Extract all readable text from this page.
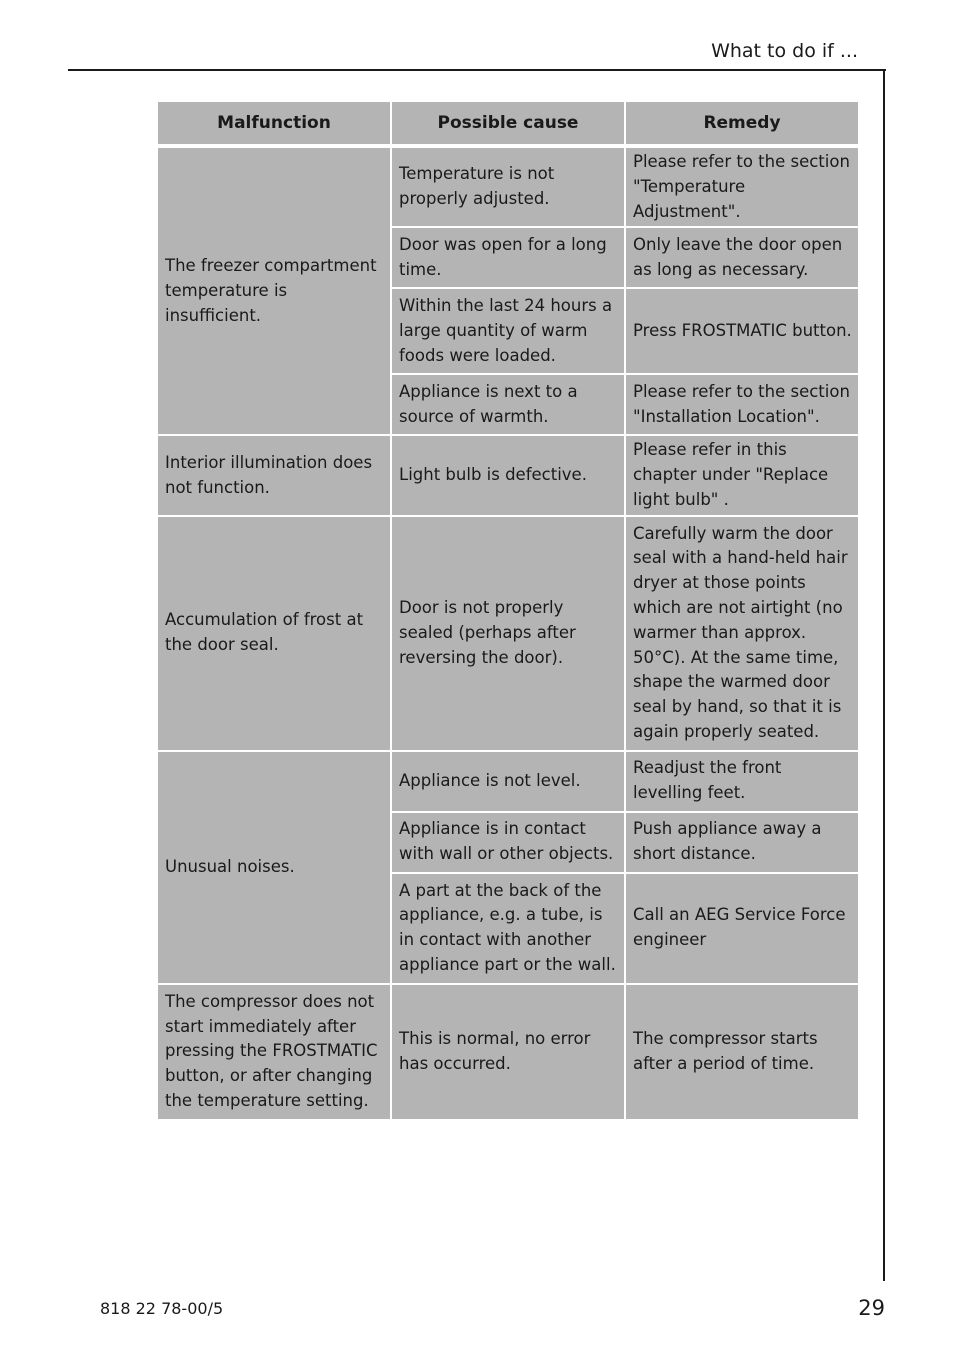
What to do if ...
Malfunction	Possible cause	Remedy

The freezer compartment temperature is insufficient.	Temperature is not properly adjusted.	Please refer to the section "Temperature Adjustment".
	Door was open for a long time.	Only leave the door open as long as necessary.
	Within the last 24 hours a large quantity of warm foods were loaded.	Press FROSTMATIC button.
	Appliance is next to a source of warmth.	Please refer to the section "Installation Location".
Interior illumination does not function.	Light bulb is defective.	Please refer in this chapter under "Replace light bulb" .
Accumulation of frost at the door seal.	Door is not properly sealed (perhaps after reversing the door).	Carefully warm the door seal with a hand-held hair dryer at those points which are not airtight (no warmer than approx. 50°C). At the same time, shape the warmed door seal by hand, so that it is again properly seated.
Unusual noises.	Appliance is not level.	Readjust the front levelling feet.
	Appliance is in contact with wall or other objects.	Push appliance away a short distance.
	A part at the back of the appliance, e.g. a tube, is in contact with another appliance part or the wall.	Call an AEG Service Force engineer
The compressor does not start immediately after pressing the FROSTMATIC button, or after changing the temperature setting.	This is normal, no error has occurred.	The compressor starts after a period of time.
818 22 78-00/5	29
